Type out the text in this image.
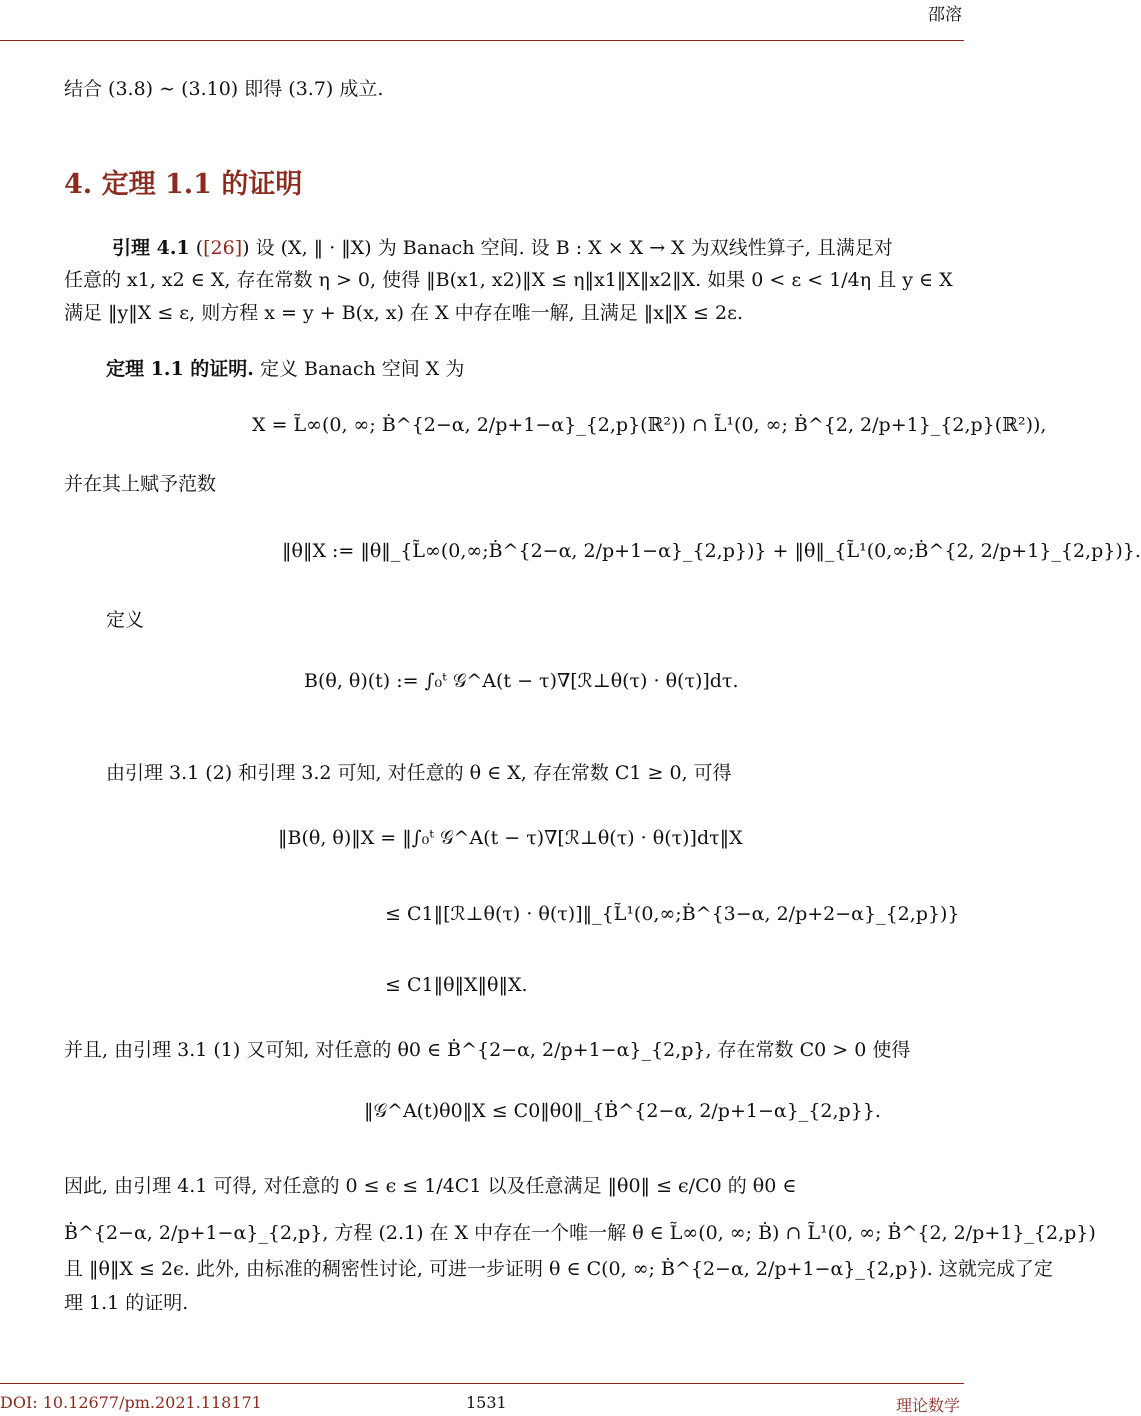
邵溶
结合 (3.8) ∼ (3.10) 即得 (3.7) 成立.
4. 定理 1.1 的证明
引理 4.1 ([26]) 设 (X, ‖ · ‖X) 为 Banach 空间. 设 B : X × X → X 为双线性算子, 且满足对
任意的 x1, x2 ∈ X, 存在常数 η > 0, 使得 ‖B(x1, x2)‖X ≤ η‖x1‖X‖x2‖X. 如果 0 < ε < 1/4η 且 y ∈ X
满足 ‖y‖X ≤ ε, 则方程 x = y + B(x, x) 在 X 中存在唯一解, 且满足 ‖x‖X ≤ 2ε.
定理 1.1 的证明. 定义 Banach 空间 X 为
X = L̃∞(0, ∞; Ḃ^{2−α, 2/p+1−α}_{2,p}(ℝ²)) ∩ L̃¹(0, ∞; Ḃ^{2, 2/p+1}_{2,p}(ℝ²)),
并在其上赋予范数
‖θ‖X := ‖θ‖_{L̃∞(0,∞;Ḃ^{2−α, 2/p+1−α}_{2,p})} + ‖θ‖_{L̃¹(0,∞;Ḃ^{2, 2/p+1}_{2,p})}.
定义
B(θ, θ)(t) := ∫₀ᵗ 𝒢^A(t − τ)∇[ℛ⊥θ(τ) · θ(τ)]dτ.
由引理 3.1 (2) 和引理 3.2 可知, 对任意的 θ ∈ X, 存在常数 C1 ≥ 0, 可得
‖B(θ, θ)‖X = ‖∫₀ᵗ 𝒢^A(t − τ)∇[ℛ⊥θ(τ) · θ(τ)]dτ‖X
≤ C1‖[ℛ⊥θ(τ) · θ(τ)]‖_{L̃¹(0,∞;Ḃ^{3−α, 2/p+2−α}_{2,p})}
≤ C1‖θ‖X‖θ‖X.
并且, 由引理 3.1 (1) 又可知, 对任意的 θ0 ∈ Ḃ^{2−α, 2/p+1−α}_{2,p}, 存在常数 C0 > 0 使得
‖𝒢^A(t)θ0‖X ≤ C0‖θ0‖_{Ḃ^{2−α, 2/p+1−α}_{2,p}}.
因此, 由引理 4.1 可得, 对任意的 0 ≤ ϵ ≤ 1/4C1 以及任意满足 ‖θ0‖ ≤ ϵ/C0 的 θ0 ∈
Ḃ^{2−α, 2/p+1−α}_{2,p}, 方程 (2.1) 在 X 中存在一个唯一解 θ ∈ L̃∞(0, ∞; Ḃ) ∩ L̃¹(0, ∞; Ḃ^{2, 2/p+1}_{2,p})
且 ‖θ‖X ≤ 2ϵ. 此外, 由标准的稠密性讨论, 可进一步证明 θ ∈ C(0, ∞; Ḃ^{2−α, 2/p+1−α}_{2,p}). 这就完成了定
理 1.1 的证明.
DOI: 10.12677/pm.2021.118171	1531	理论数学
